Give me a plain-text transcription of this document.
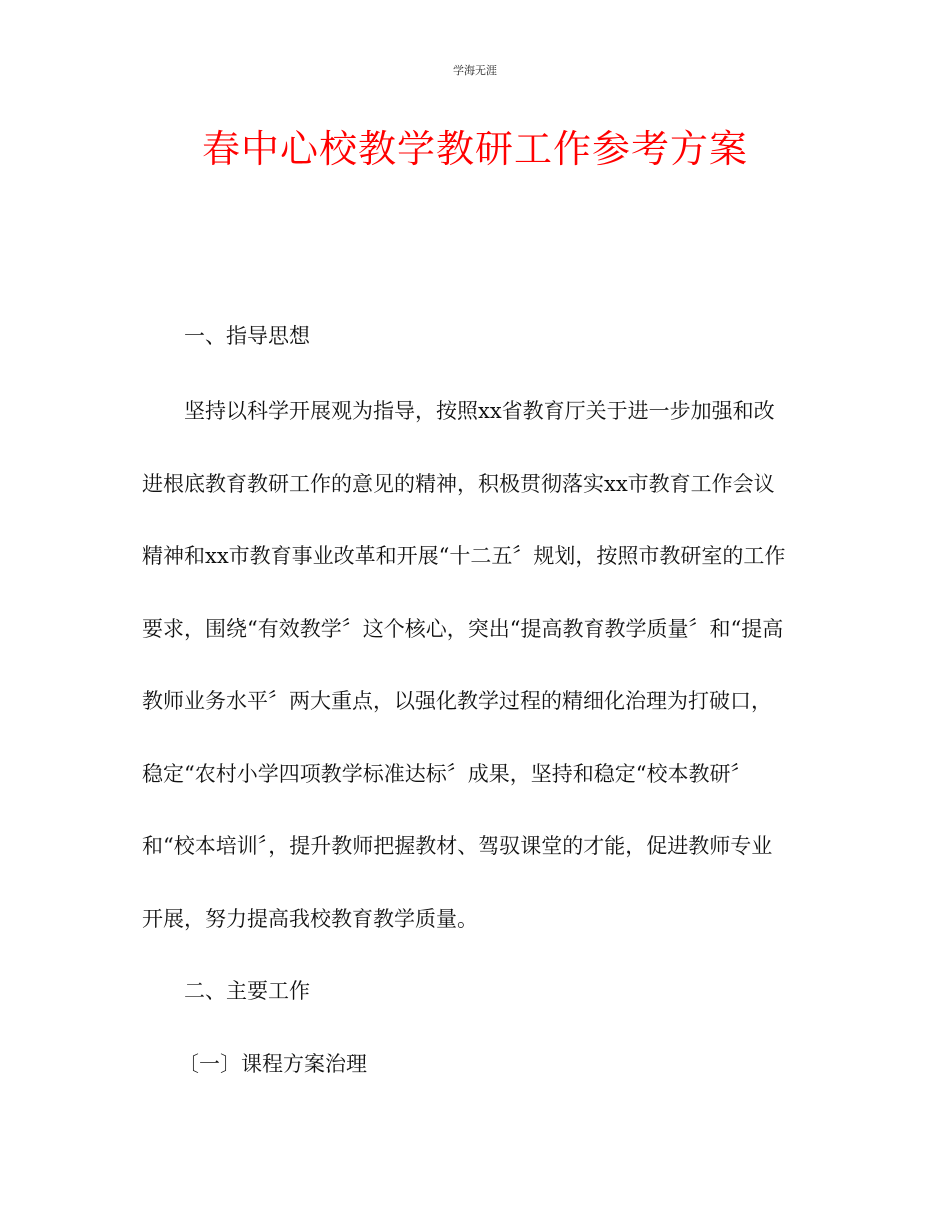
学海无涯
春中心校教学教研工作参考方案
一、指导思想
坚持以科学开展观为指导，按照xx省教育厅关于进一步加强和改
进根底教育教研工作的意见的精神，积极贯彻落实xx市教育工作会议
精神和xx市教育事业改革和开展“十二五〞规划，按照市教研室的工作
要求，围绕“有效教学〞这个核心，突出“提高教育教学质量〞和“提高
教师业务水平〞两大重点，以强化教学过程的精细化治理为打破口，
稳定“农村小学四项教学标准达标〞成果，坚持和稳定“校本教研〞
和“校本培训〞，提升教师把握教材、驾驭课堂的才能，促进教师专业
开展，努力提高我校教育教学质量。
二、主要工作
〔一〕课程方案治理
